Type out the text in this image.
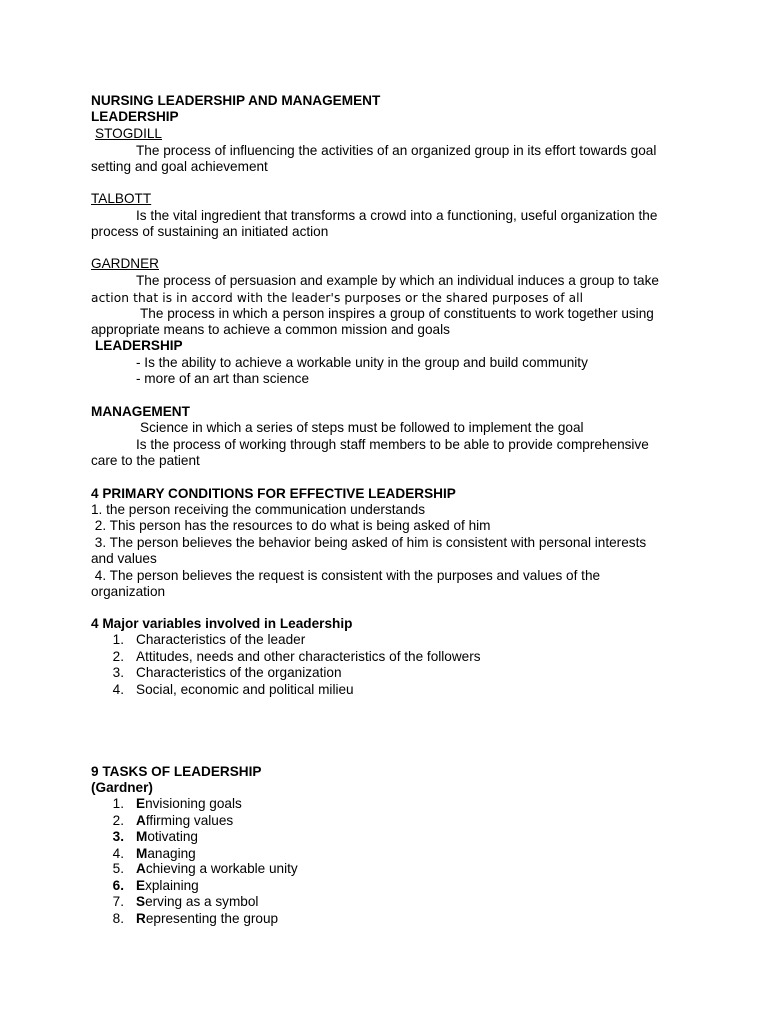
NURSING LEADERSHIP AND MANAGEMENT
LEADERSHIP
STOGDILL
The process of influencing the activities of an organized group in its effort towards goal
setting and goal achievement
TALBOTT
Is the vital ingredient that transforms a crowd into a functioning, useful organization the
process of sustaining an initiated action
GARDNER
The process of persuasion and example by which an individual induces a group to take
action that is in accord with the leader's purposes or the shared purposes of all
The process in which a person inspires a group of constituents to work together using
appropriate means to achieve a common mission and goals
LEADERSHIP
- Is the ability to achieve a workable unity in the group and build community
- more of an art than science
MANAGEMENT
Science in which a series of steps must be followed to implement the goal
Is the process of working through staff members to be able to provide comprehensive
care to the patient
4 PRIMARY CONDITIONS FOR EFFECTIVE LEADERSHIP
1. the person receiving the communication understands
2. This person has the resources to do what is being asked of him
3. The person believes the behavior being asked of him is consistent with personal interests
and values
4. The person believes the request is consistent with the purposes and values of the
organization
4 Major variables involved in Leadership
1. Characteristics of the leader
2. Attitudes, needs and other characteristics of the followers
3. Characteristics of the organization
4. Social, economic and political milieu
9 TASKS OF LEADERSHIP
(Gardner)
1. Envisioning goals
2. Affirming values
3. Motivating
4. Managing
5. Achieving a workable unity
6. Explaining
7. Serving as a symbol
8. Representing the group
